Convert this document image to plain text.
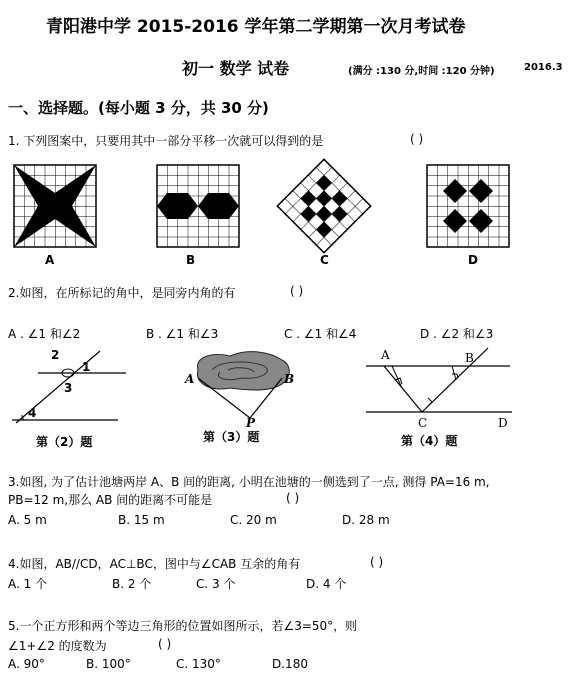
青阳港中学 2015-2016 学年第二学期第一次月考试卷
初一 数学 试卷	(满分 :130 分,时间 :120 分钟)	2016.3
一、选择题。(每小题 3 分，共 30 分)
1. 下列图案中，只要用其中一部分平移一次就可以得到的是	( )
A	B	C	D
2.如图，在所标记的角中，是同旁内角的有	( )
A . ∠1 和∠2	B . ∠1 和∠3	C . ∠1 和∠4	D . ∠2 和∠3
2
1
3
4
第（2）题
A	B
P
第（3）题
A	B
C	D
第（4）题
3.如图, 为了估计池塘两岸 A、B 间的距离, 小明在池塘的一侧选到了一点, 测得 PA=16 m,
PB=12 m,那么 AB 间的距离不可能是	( )
A. 5 m	B. 15 m	C. 20 m	D. 28 m
4.如图，AB//CD，AC⊥BC，图中与∠CAB 互余的角有	( )
A. 1 个	B. 2 个	C. 3 个	D. 4 个
5.一个正方形和两个等边三角形的位置如图所示，若∠3=50°，则
∠1+∠2 的度数为	( )
A. 90°	B. 100°	C. 130°	D.180
